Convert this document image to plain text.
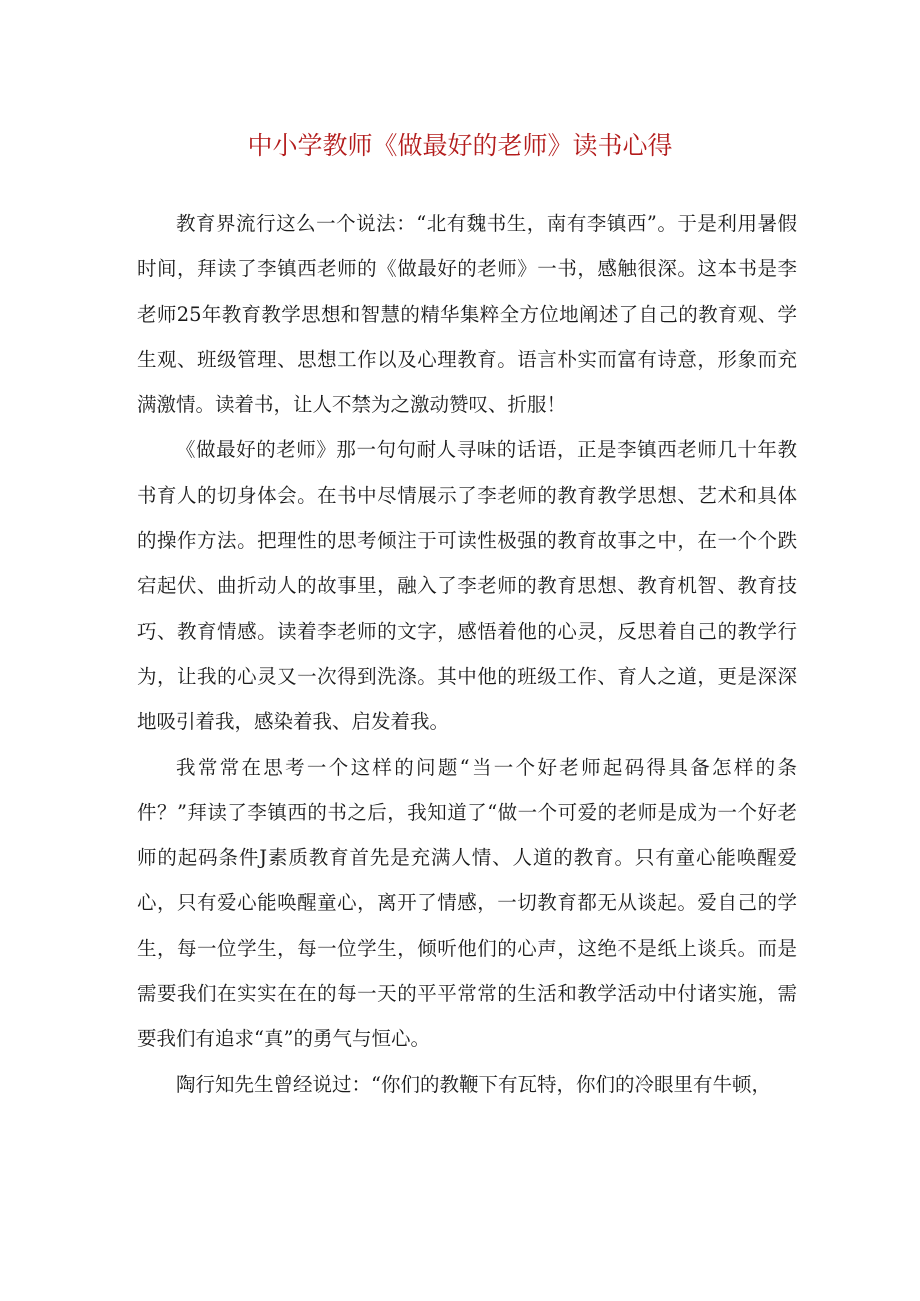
中小学教师《做最好的老师》读书心得

教育界流行这么一个说法：“北有魏书生，南有李镇西”。于是利用暑假时间，拜读了李镇西老师的《做最好的老师》一书，感触很深。这本书是李老师25年教育教学思想和智慧的精华集粹全方位地阐述了自己的教育观、学生观、班级管理、思想工作以及心理教育。语言朴实而富有诗意，形象而充满激情。读着书，让人不禁为之激动赞叹、折服！

《做最好的老师》那一句句耐人寻味的话语，正是李镇西老师几十年教书育人的切身体会。在书中尽情展示了李老师的教育教学思想、艺术和具体的操作方法。把理性的思考倾注于可读性极强的教育故事之中，在一个个跌宕起伏、曲折动人的故事里，融入了李老师的教育思想、教育机智、教育技巧、教育情感。读着李老师的文字，感悟着他的心灵，反思着自己的教学行为，让我的心灵又一次得到洗涤。其中他的班级工作、育人之道，更是深深地吸引着我，感染着我、启发着我。

我常常在思考一个这样的问题“当一个好老师起码得具备怎样的条件？”拜读了李镇西的书之后，我知道了“做一个可爱的老师是成为一个好老师的起码条件J素质教育首先是充满人情、人道的教育。只有童心能唤醒爱心，只有爱心能唤醒童心，离开了情感，一切教育都无从谈起。爱自己的学生，每一位学生，每一位学生，倾听他们的心声，这绝不是纸上谈兵。而是需要我们在实实在在的每一天的平平常常的生活和教学活动中付诸实施，需要我们有追求“真”的勇气与恒心。

陶行知先生曾经说过：“你们的教鞭下有瓦特，你们的冷眼里有牛顿，
